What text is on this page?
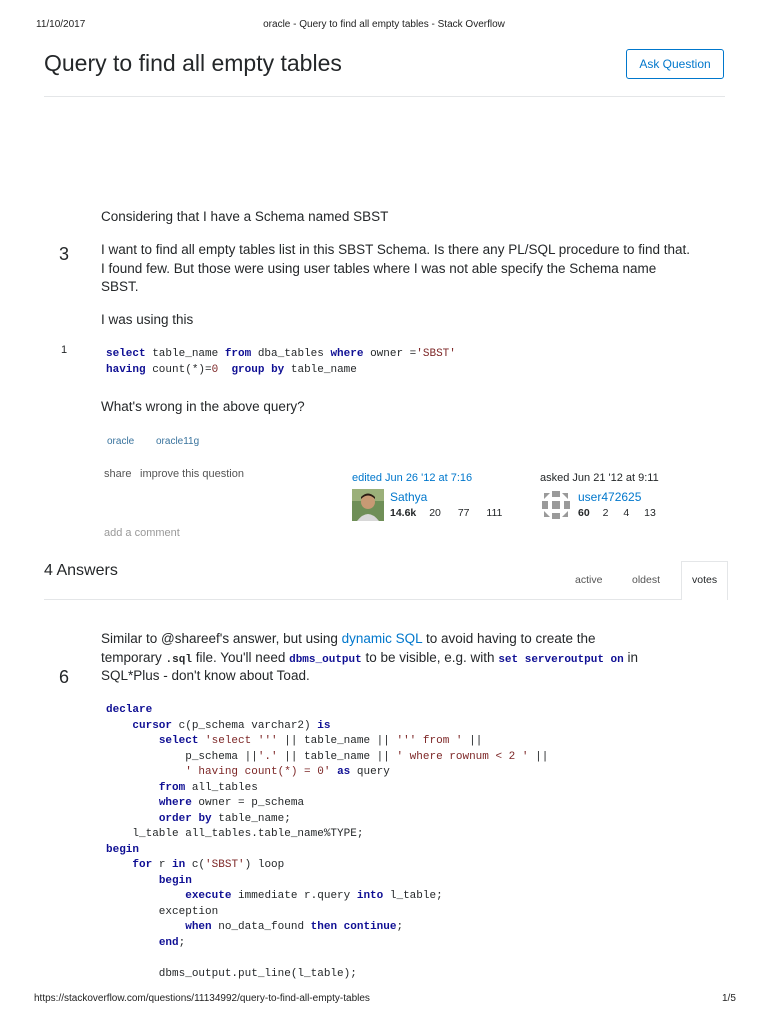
11/10/2017	oracle - Query to find all empty tables - Stack Overflow
Query to find all empty tables	Ask Question
Considering that I have a Schema named SBST
3 I want to find all empty tables list in this SBST Schema. Is there any PL/SQL procedure to find that.
I found few. But those were using user tables where I was not able specify the Schema name
SBST.
I was using this
1	select table_name from dba_tables where owner ='SBST'
having count(*)=0 group by table_name
What's wrong in the above query?
oracle oracle11g
share improve this question	edited Jun 26 '12 at 7:16
Sathya
14.6k 20 77 111
asked Jun 21 '12 at 9:11
user472625
60 2 4 13
add a comment
4 Answers
active	oldest	votes
6
Similar to @shareef's answer, but using dynamic SQL to avoid having to create the
temporary .sql file. You'll need dbms_output to be visible, e.g. with set serveroutput on in
SQL*Plus - don't know about Toad.
declare
cursor c(p_schema varchar2) is
select 'select ''' || table_name || ''' from ' ||
p_schema ||'.' || table_name || ' where rownum < 2 ' ||
' having count(*) = 0' as query
from all_tables
where owner = p_schema
order by table_name;
l_table all_tables.table_name%TYPE;
begin
for r in c('SBST') loop
begin
execute immediate r.query into l_table;
exception
when no_data_found then continue;
end;

dbms_output.put_line(l_table);
https://stackoverflow.com/questions/11134992/query-to-find-all-empty-tables	1/5
